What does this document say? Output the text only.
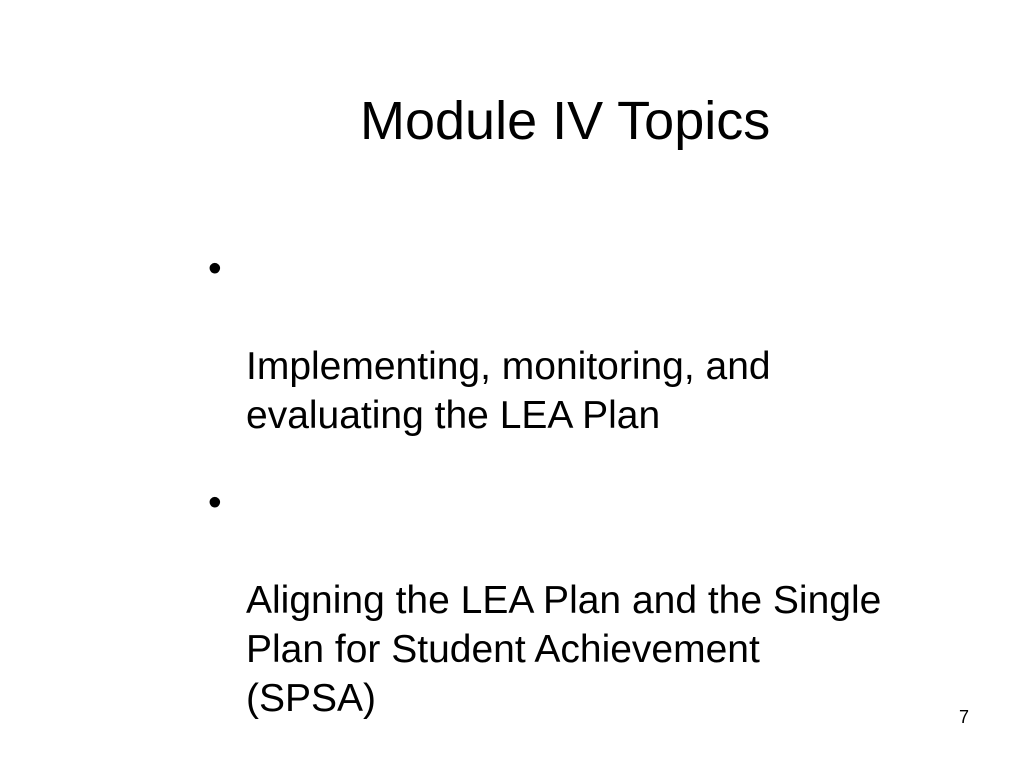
Module IV Topics

•

Implementing, monitoring, and
evaluating the LEA Plan

•

Aligning the LEA Plan and the Single
Plan for Student Achievement
(SPSA)	7
